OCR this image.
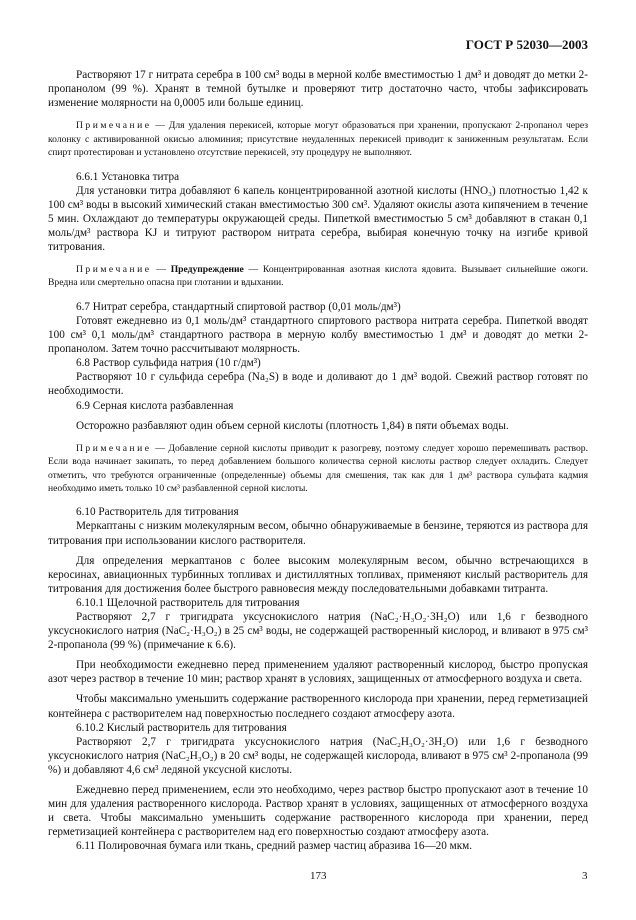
ГОСТ Р 52030—2003

Растворяют 17 г нитрата серебра в 100 см³ воды в мерной колбе вместимостью 1 дм³ и доводят до метки 2-пропанолом (99 %). Хранят в темной бутылке и проверяют титр достаточно часто, чтобы зафиксировать изменение молярности на 0,0005 или больше единиц.

Примечание — Для удаления перекисей, которые могут образоваться при хранении, пропускают 2-пропанол через колонку с активированной окисью алюминия; присутствие неудаленных перекисей приводит к заниженным результатам. Если спирт протестирован и установлено отсутствие перекисей, эту процедуру не выполняют.

6.6.1 Установка титра

Для установки титра добавляют 6 капель концентрированной азотной кислоты (HNO₃) плотностью 1,42 к 100 см³ воды в высокий химический стакан вместимостью 300 см³. Удаляют окислы азота кипячением в течение 5 мин. Охлаждают до температуры окружающей среды. Пипеткой вместимостью 5 см³ добавляют в стакан 0,1 моль/дм³ раствора KJ и титруют раствором нитрата серебра, выбирая конечную точку на изгибе кривой титрования.

Примечание — Предупреждение — Концентрированная азотная кислота ядовита. Вызывает сильнейшие ожоги. Вредна или смертельно опасна при глотании и вдыхании.

6.7 Нитрат серебра, стандартный спиртовой раствор (0,01 моль/дм³)

Готовят ежедневно из 0,1 моль/дм³ стандартного спиртового раствора нитрата серебра. Пипеткой вводят 100 см³ 0,1 моль/дм³ стандартного раствора в мерную колбу вместимостью 1 дм³ и доводят до метки 2-пропанолом. Затем точно рассчитывают молярность.

6.8 Раствор сульфида натрия (10 г/дм³)

Растворяют 10 г сульфида серебра (Na₂S) в воде и доливают до 1 дм³ водой. Свежий раствор готовят по необходимости.

6.9 Серная кислота разбавленная

Осторожно разбавляют один объем серной кислоты (плотность 1,84) в пяти объемах воды.

Примечание — Добавление серной кислоты приводит к разогреву, поэтому следует хорошо перемешивать раствор. Если вода начинает закипать, то перед добавлением большого количества серной кислоты раствор следует охладить. Следует отметить, что требуются ограниченные (определенные) объемы для смешения, так как для 1 дм³ раствора сульфата кадмия необходимо иметь только 10 см³ разбавленной серной кислоты.

6.10 Растворитель для титрования

Меркаптаны с низким молекулярным весом, обычно обнаруживаемые в бензине, теряются из раствора для титрования при использовании кислого растворителя.

Для определения меркаптанов с более высоким молекулярным весом, обычно встречающихся в керосинах, авиационных турбинных топливах и дистиллятных топливах, применяют кислый растворитель для титрования для достижения более быстрого равновесия между последовательными добавками титранта.

6.10.1 Щелочной растворитель для титрования

Растворяют 2,7 г тригидрата уксуснокислого натрия (NaC₂·H₃O₂·3H₂O) или 1,6 г безводного уксуснокислого натрия (NaC₂·H₃O₂) в 25 см³ воды, не содержащей растворенный кислород, и вливают в 975 см³ 2-пропанола (99 %) (примечание к 6.6).

При необходимости ежедневно перед применением удаляют растворенный кислород, быстро пропуская азот через раствор в течение 10 мин; раствор хранят в условиях, защищенных от атмосферного воздуха и света.

Чтобы максимально уменьшить содержание растворенного кислорода при хранении, перед герметизацией контейнера с растворителем над поверхностью последнего создают атмосферу азота.

6.10.2 Кислый растворитель для титрования

Растворяют 2,7 г тригидрата уксуснокислого натрия (NaC₂H₃O₂·3H₂O) или 1,6 г безводного уксуснокислого натрия (NaC₂H₃O₂) в 20 см³ воды, не содержащей кислорода, вливают в 975 см³ 2-пропанола (99 %) и добавляют 4,6 см³ ледяной уксусной кислоты.

Ежедневно перед применением, если это необходимо, через раствор быстро пропускают азот в течение 10 мин для удаления растворенного кислорода. Раствор хранят в условиях, защищенных от атмосферного воздуха и света. Чтобы максимально уменьшить содержание растворенного кислорода при хранении, перед герметизацией контейнера с растворителем над его поверхностью создают атмосферу азота.

6.11 Полировочная бумага или ткань, средний размер частиц абразива 16—20 мкм.

173	3
